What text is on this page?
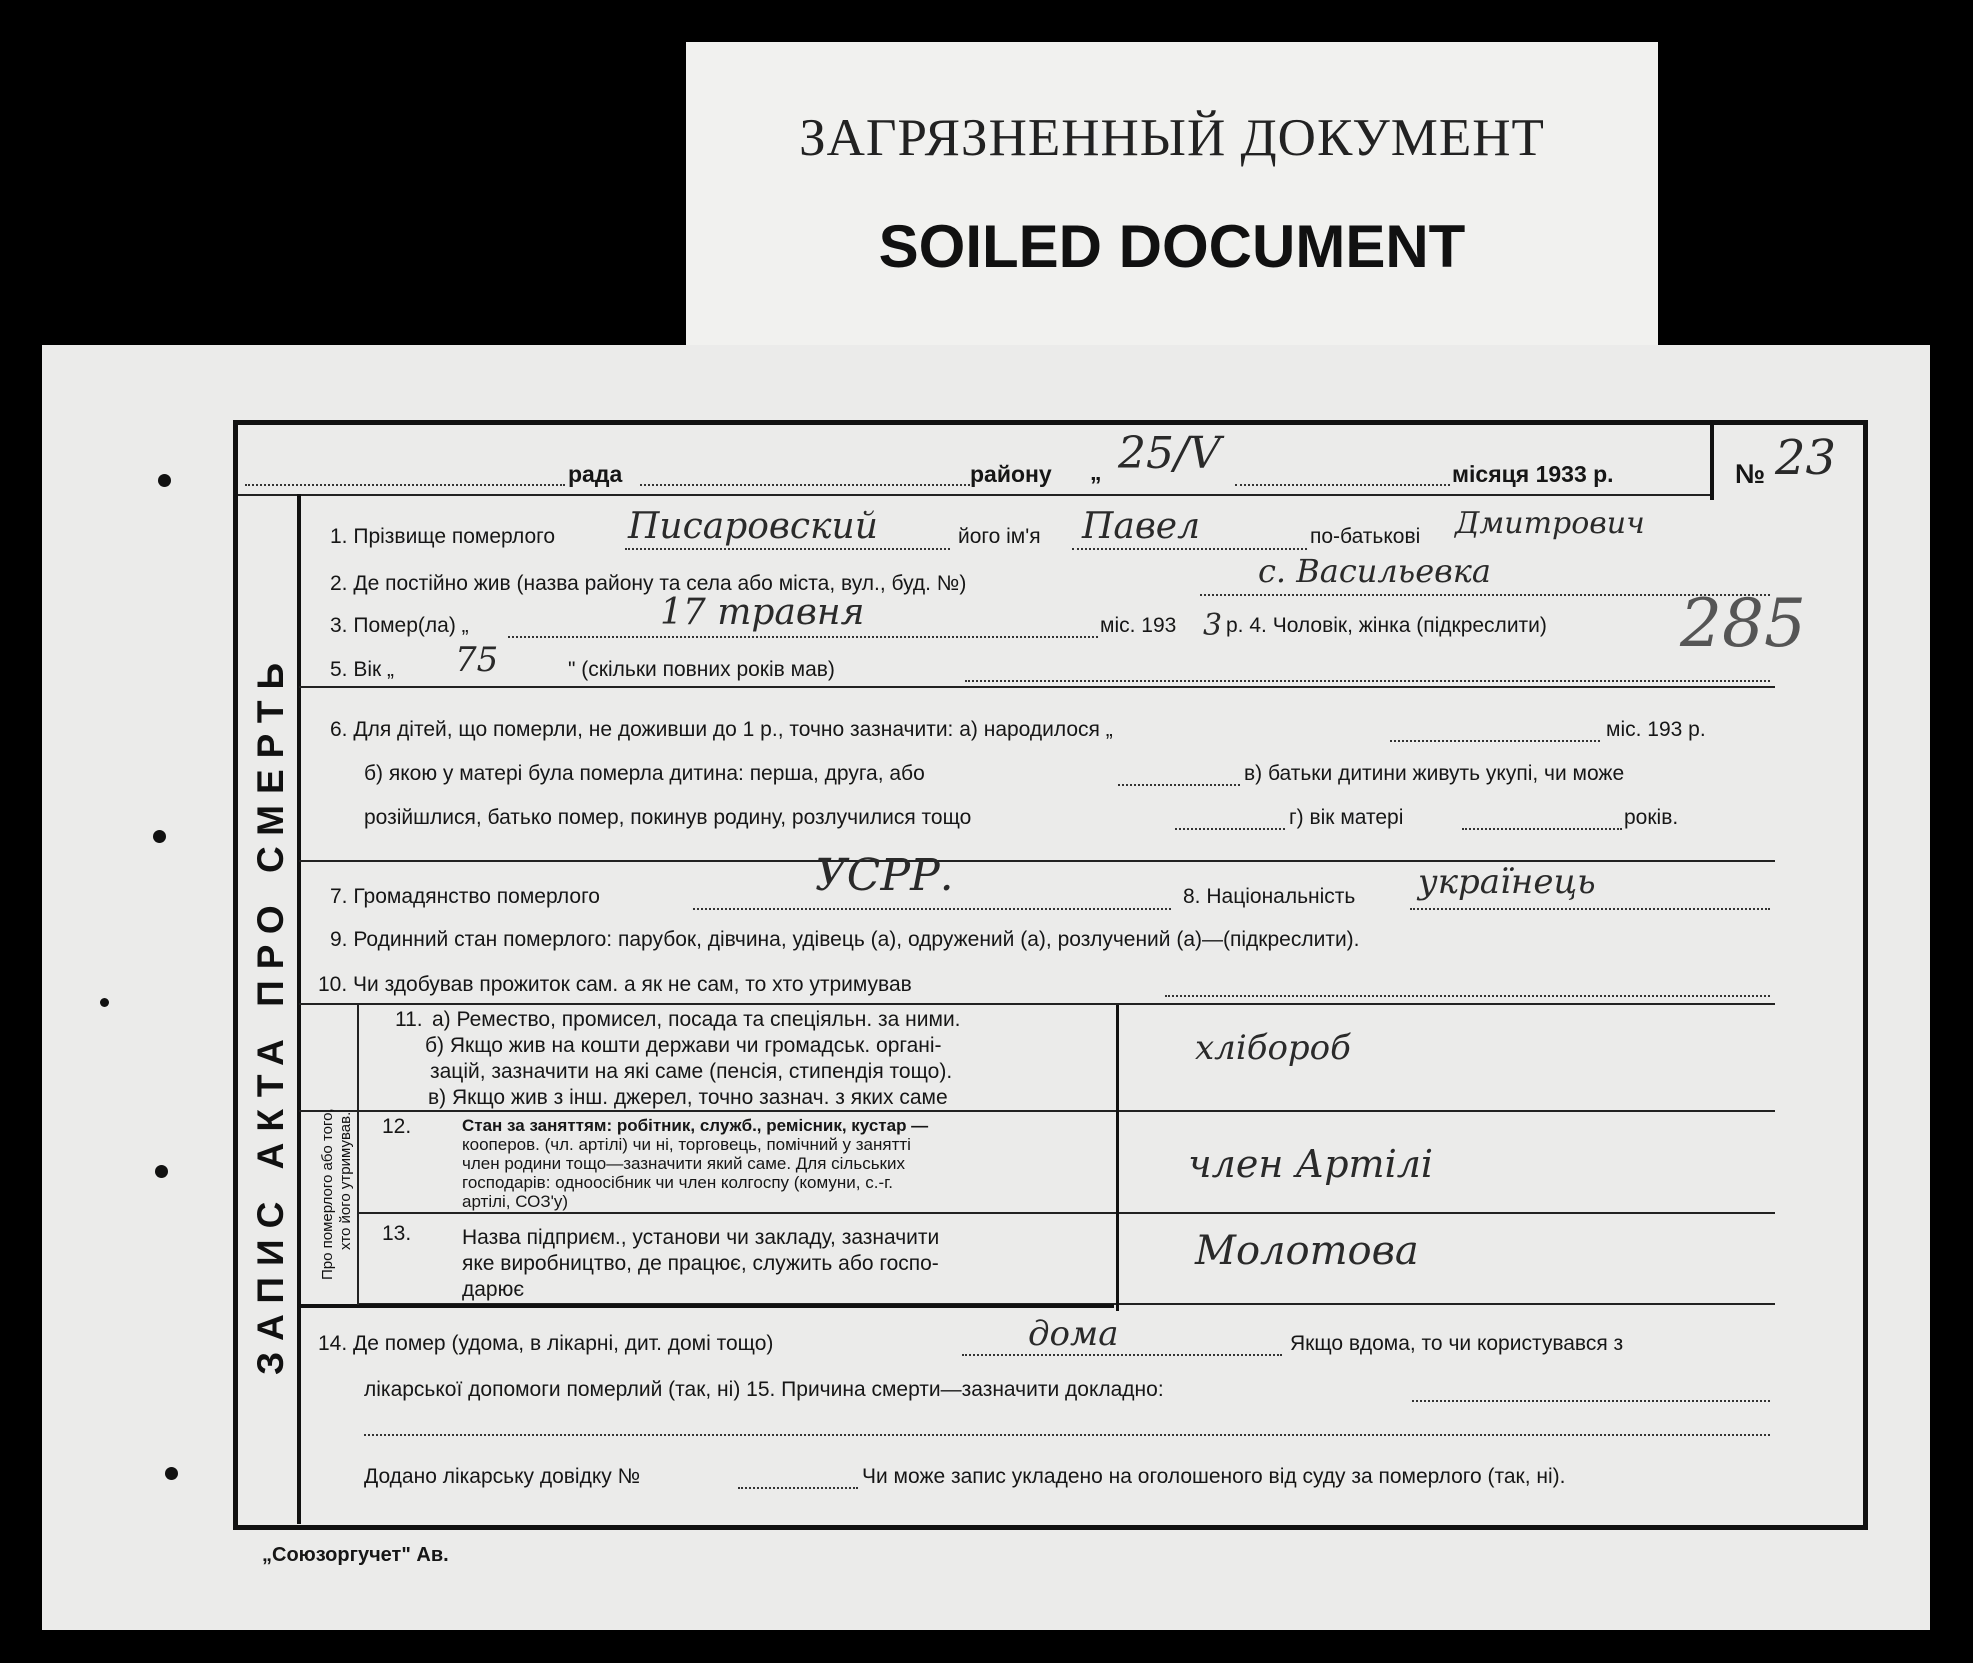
ЗАГРЯЗНЕННЫЙ ДОКУМЕНТ
SOILED DOCUMENT
ЗАПИС АКТА ПРО СМЕРТЬ Про померлого або того, хто його утримував.
рада	району „ 25/V	місяця 1933 р.	№ 23
1. Прізвище померлого Писаровский	його ім'я Павел	по-батькові Дмитрович
2. Де постійно жив (назва району та села або міста, вул., буд. №)	с. Васильевка
3. Помер(ла) „	17 травня	міс. 193 3 р. 4. Чоловік, жінка (підкреслити) 285
5. Вік „ 75	" (скільки повних років мав)
6. Для дітей, що померли, не доживши до 1 р., точно зазначити: а) народилося „	міс. 193 р.
б) якою у матері була померла дитина: перша, друга, або	в) батьки дитини живуть укупі, чи може
розійшлися, батько помер, покинув родину, розлучилися тощо	г) вік матері	років.
7. Громадянство померлого	УСРР.	8. Національність українець
9. Родинний стан померлого: парубок, дівчина, удівець (а), одружений (а), розлучений (а)—(підкреслити).
10. Чи здобував прожиток сам. а як не сам, то хто утримував
11. а) Ремество, промисел, посада та спеціяльн. за ними.
б) Якщо жив на кошти держави чи громадськ. органі-
зацій, зазначити на які саме (пенсія, стипендія тощо).
в) Якщо жив з інш. джерел, точно зазнач. з яких саме
хлібороб
12.	Стан за заняттям: робітник, служб., ремісник, кустар —
кооперов. (чл. артілі) чи ні, торговець, помічний у занятті
член родини тощо—зазначити який саме. Для сільських
господарів: одноосібник чи член колгоспу (комуни, с.-г.
артілі, СОЗ'у)
член Артілі
13. Назва підприєм., установи чи закладу, зазначити
яке виробництво, де працює, служить або госпо-
дарює
Молотова
14. Де помер (удома, в лікарні, дит. домі тощо)	дома	Якщо вдома, то чи користувався з
лікарської допомоги померлий (так, ні) 15. Причина смерти—зазначити докладно:
Додано лікарську довідку №	Чи може запис укладено на оголошеного від суду за померлого (так, ні).
„Союзоргучет" Ав.
